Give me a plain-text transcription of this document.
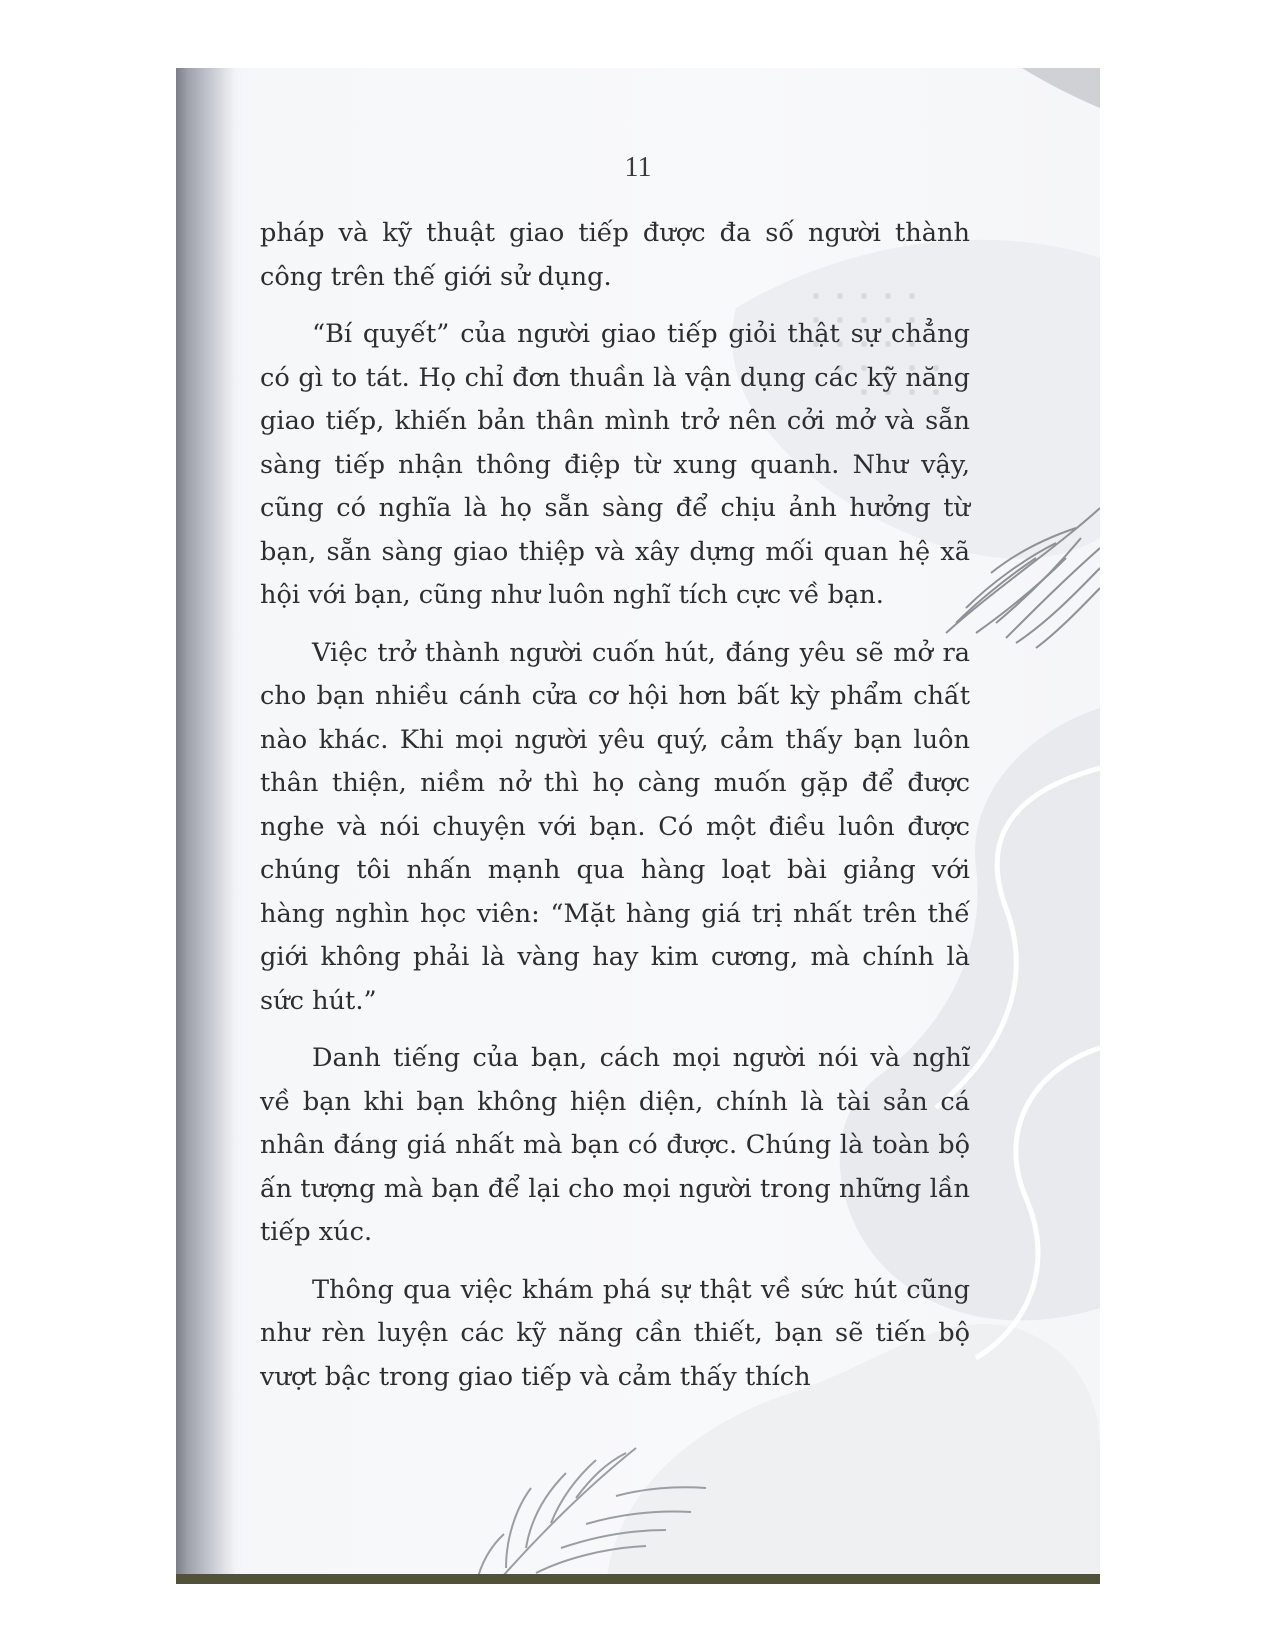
11

pháp và kỹ thuật giao tiếp được đa số người thành công trên thế giới sử dụng.

“Bí quyết” của người giao tiếp giỏi thật sự chẳng có gì to tát. Họ chỉ đơn thuần là vận dụng các kỹ năng giao tiếp, khiến bản thân mình trở nên cởi mở và sẵn sàng tiếp nhận thông điệp từ xung quanh. Như vậy, cũng có nghĩa là họ sẵn sàng để chịu ảnh hưởng từ bạn, sẵn sàng giao thiệp và xây dựng mối quan hệ xã hội với bạn, cũng như luôn nghĩ tích cực về bạn.

Việc trở thành người cuốn hút, đáng yêu sẽ mở ra cho bạn nhiều cánh cửa cơ hội hơn bất kỳ phẩm chất nào khác. Khi mọi người yêu quý, cảm thấy bạn luôn thân thiện, niềm nở thì họ càng muốn gặp để được nghe và nói chuyện với bạn. Có một điều luôn được chúng tôi nhấn mạnh qua hàng loạt bài giảng với hàng nghìn học viên: “Mặt hàng giá trị nhất trên thế giới không phải là vàng hay kim cương, mà chính là sức hút.”

Danh tiếng của bạn, cách mọi người nói và nghĩ về bạn khi bạn không hiện diện, chính là tài sản cá nhân đáng giá nhất mà bạn có được. Chúng là toàn bộ ấn tượng mà bạn để lại cho mọi người trong những lần tiếp xúc.

Thông qua việc khám phá sự thật về sức hút cũng như rèn luyện các kỹ năng cần thiết, bạn sẽ tiến bộ vượt bậc trong giao tiếp và cảm thấy thích
